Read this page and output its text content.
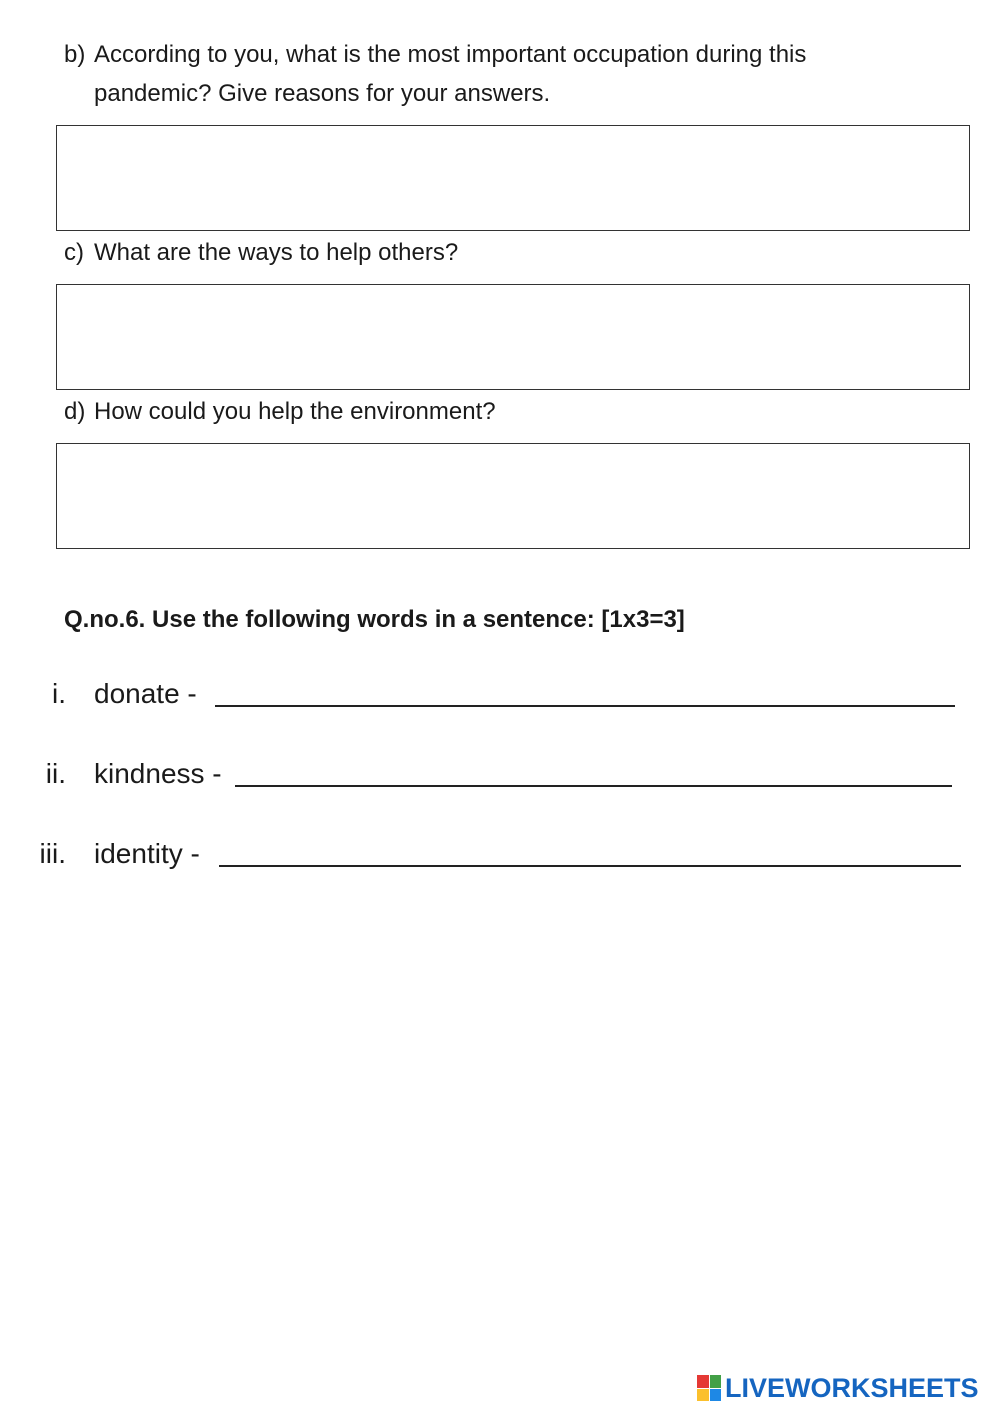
b) According to you, what is the most important occupation during this
pandemic? Give reasons for your answers.
c) What are the ways to help others?
d) How could you help the environment?
Q.no.6. Use the following words in a sentence: [1x3=3]
i. donate -
ii. kindness -
iii. identity -
LIVEWORKSHEETS
